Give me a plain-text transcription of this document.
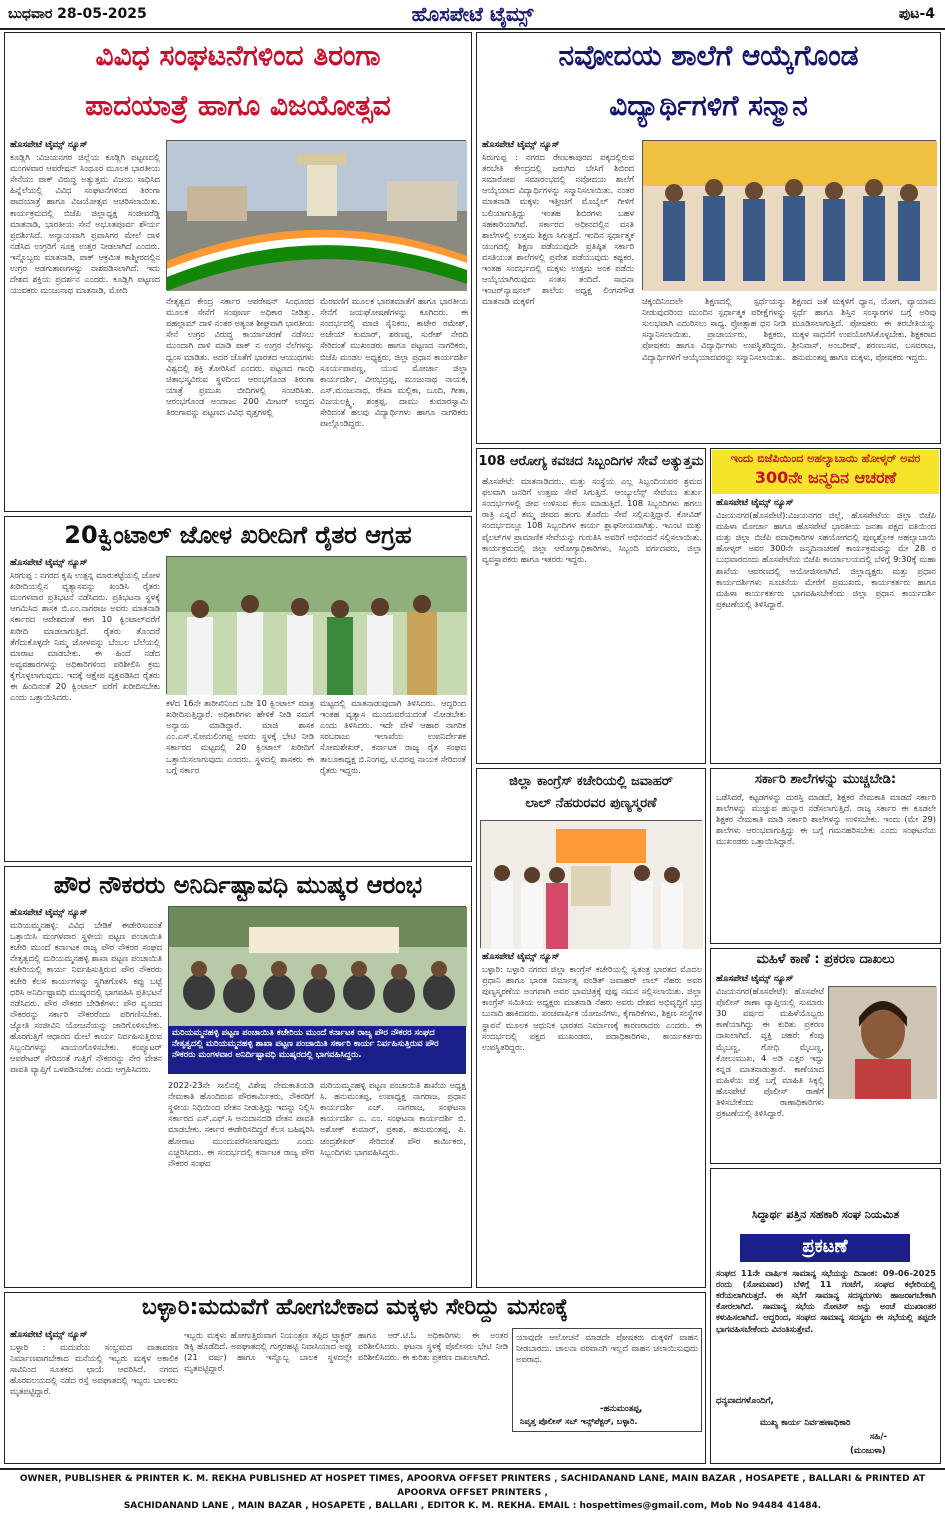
ಬುಧವಾರ 28-05-2025	ಹೊಸಪೇಟೆ ಟೈಮ್ಸ್	ಪುಟ-4
ವಿವಿಧ ಸಂಘಟನೆಗಳಿಂದ ತಿರಂಗಾ
ಪಾದಯಾತ್ರೆ ಹಾಗೂ ವಿಜಯೋತ್ಸವ
ಹೊಸಪೇಟೆ ಟೈಮ್ಸ್ ನ್ಯೂಸ್
ಕೂಡ್ಲಿಗಿ :ವಿಜಯನಗರ ಜಿಲ್ಲೆಯ ಕೂಡ್ಲಿಗಿ ಪಟ್ಟಣದಲ್ಲಿ ಮಂಗಳವಾರ ಆಪರೇಷನ್ ಸಿಂಧೂರ ಮೂಲಕ ಭಾರತೀಯ ಸೇನೆಯು ಪಾಕ್ ವಿರುದ್ಧ ಅತ್ಯುತ್ತಮ ವಿಜಯ ಸಾಧಿಸಿದ ಹಿನ್ನೆಲೆಯಲ್ಲಿ ವಿವಿಧ ಸಂಘಟನೆಗಳಿಂದ ತಿರಂಗಾ ಪಾದಯಾತ್ರೆ ಹಾಗೂ ವಿಜಯೋತ್ಸವ ಆಚರಿಸಲಾಯಿತು. ಕಾರ್ಯಕ್ರಮದಲ್ಲಿ ಬಿಜೆಪಿ ಜಿಲ್ಲಾಧ್ಯಕ್ಷ ಸಂಜೀವರೆಡ್ಡಿ ಮಾತನಾಡಿ, ಭಾರತೀಯ ಸೇನೆ ಅಭೂತಪೂರ್ವ ಶೌರ್ಯ ಪ್ರದರ್ಶಿಸಿದೆ. ಅನ್ಯಾಯವಾಗಿ ಪ್ರವಾಸಿಗರ ಮೇಲೆ ದಾಳಿ ನಡೆಸಿದ ಉಗ್ರರಿಗೆ ಸೂಕ್ತ ಉತ್ತರ ನೀಡಲಾಗಿದೆ ಎಂದರು. ಇನ್ನೊಬ್ಬರು ಮಾತನಾಡಿ, ಪಾಕ್ ಆಕ್ರಮಿತ ಕಾಶ್ಮೀರದಲ್ಲಿನ ಉಗ್ರರ ಅಡಗುತಾಣಗಳನ್ನು ನಾಶಪಡಿಸಲಾಗಿದೆ. ಇದು ದೇಶದ ಶಕ್ತಿಯ ಪ್ರದರ್ಶನ ಎಂದರು. ಕೂಡ್ಲಿಗಿ ಪಟ್ಟಣದ ಯುವಕರು ಮಂಜುನಾಥ ಮಾತನಾಡಿ, ಮೋದಿ
ನೇತೃತ್ವದ ಕೇಂದ್ರ ಸರ್ಕಾರ ಆಪರೇಷನ್ ಸಿಂಧೂರದ ಮೂಲಕ ಸೇನೆಗೆ ಸಂಪೂರ್ಣ ಅಧಿಕಾರ ನೀಡಿತ್ತು. ಪಹಲ್ಗಾಮ್ ದಾಳಿ ನಂತರ ಅತ್ಯಂತ ಶೀಘ್ರವಾಗಿ ಭಾರತೀಯ ಸೇನೆ ಉಗ್ರರ ವಿರುದ್ಧ ಕಾರ್ಯಾಚರಣೆ ನಡೆಸಲು ಮುಂದಾಗಿ ದಾಳಿ ಮಾಡಿ ಪಾಕ್‌ ನ ಉಗ್ರರ ನೆಲೆಗಳನ್ನು ಧ್ವಂಸ ಮಾಡಿತು. ಅದರ ಜೊತೆಗೆ ಭಾರತದ ಆಯುಧಗಳು ವಿಶ್ವದಲ್ಲಿ ಶಕ್ತಿ ತೋರಿಸಿವೆ ಎಂದರು. ಪಟ್ಟಣದ ಗಾಂಧಿ ಚಿತಾಭಸ್ಮವಿರುವ ಸ್ಥಳದಿಂದ ಆರಂಭಗೊಂಡ ತಿರಂಗಾ ಯಾತ್ರೆ ಪ್ರಮುಖ ಬೀದಿಗಳಲ್ಲಿ ಸಂಚರಿಸಿತು. ಆರಂಭಗೊಂಡ ಅಂದಾಜು 200 ಮೀಟರ್ ಉದ್ದದ ತಿರಂಗಾವನ್ನು ಪಟ್ಟಣದ ವಿವಿಧ ವೃತ್ತಗಳಲ್ಲಿ
ಮೆರವಣಿಗೆ ಮೂಲಕ ಭಾರತಮಾತೆಗೆ ಹಾಗೂ ಭಾರತೀಯ ಸೇನೆಗೆ ಜಯಘೋಷಣೆಗಳನ್ನು ಕೂಗಿದರು. ಈ ಸಂದರ್ಭದಲ್ಲಿ ಮಾಜಿ ಸೈನಿಕರು, ಕಾಟೇರ ರಮೇಶ್, ಅಜೇಯ್ ಕುಮಾರ್, ಶರಣಪ್ಪ, ಸುರೇಶ್ ನೇರದಿ ಸೇರಿದಂತೆ ಮುಖಂಡರು ಹಾಗೂ ಪಟ್ಟಣದ ನಾಗರಿಕರು, ಬಿಜೆಪಿ ಮಂಡಲ ಅಧ್ಯಕ್ಷರು, ಜಿಲ್ಲಾ ಪ್ರಧಾನ ಕಾರ್ಯದರ್ಶಿ ಸೂರ್ಯಪಾಪಣ್ಣ, ಯುವ ಮೋರ್ಚಾ ಜಿಲ್ಲಾ ಕಾರ್ಯದರ್ಶಿ, ವೀರಭದ್ರಪ್ಪ, ಮಂಜುನಾಥ ನಾಯಕ, ಎಸ್.ಮಂಜುನಾಥ, ರೇಖಾ ಮಲ್ಲಿಕಾ, ಬೂದಿ, ಗೀತಾ, ವಿಜಯಲಕ್ಷ್ಮಿ, ಶಂಕ್ರಪ್ಪ, ದಾಮು ಕುಮಾರಸ್ವಾಮಿ ಸೇರಿದಂತೆ ಹಲವು ವಿದ್ಯಾರ್ಥಿಗಳು ಹಾಗೂ ನಾಗರಿಕರು ಪಾಲ್ಗೊಂಡಿದ್ದರು.
ನವೋದಯ ಶಾಲೆಗೆ ಆಯ್ಕೆಗೊಂಡ
ವಿದ್ಯಾರ್ಥಿಗಳಿಗೆ ಸನ್ಮಾನ
ಹೊಸಪೇಟೆ ಟೈಮ್ಸ್ ನ್ಯೂಸ್
ಸಿರುಗುಪ್ಪ : ನಗರದ ರೇಣುಕಾಪುರದ ಪಕ್ಕದಲ್ಲಿರುವ ತರಬೇತಿ ಕೇಂದ್ರದಲ್ಲಿ ಜರುಗಿದ ಬೇಸಿಗೆ ಶಿಬಿರದ ಸಮಾರೋಪ ಸಮಾರಂಭದಲ್ಲಿ ನವೋದಯ ಶಾಲೆಗೆ ಆಯ್ಕೆಯಾದ ವಿದ್ಯಾರ್ಥಿಗಳನ್ನು ಸನ್ಮಾನಿಸಲಾಯಿತು. ನಂತರ ಮಾತನಾಡಿ ಮಕ್ಕಳು ಇತ್ತೀಚಿಗೆ ಮೊಬೈಲ್ ಗೀಳಿಗೆ ಬಲಿಯಾಗುತ್ತಿದ್ದು ಇಂತಹ ಶಿಬಿರಗಳು ಬಹಳ ಸಹಕಾರಿಯಾಗಿವೆ. ಸರ್ಕಾರದ ಅಧೀನದಲ್ಲಿನ ವಸತಿ ಶಾಲೆಗಳಲ್ಲಿ ಉತ್ತಮ ಶಿಕ್ಷಣ ಸಿಗುತ್ತದೆ. ಇಂದಿನ ಸ್ಪರ್ಧಾತ್ಮಕ ಯುಗದಲ್ಲಿ ಶಿಕ್ಷಣ ಪಡೆಯುವುದೇ ಪ್ರತಿಷ್ಠಿತ ಸರ್ಕಾರಿ ವಸತಿಯುತ ಶಾಲೆಗಳಲ್ಲಿ ಪ್ರವೇಶ ಪಡೆಯುವುದು ಕಷ್ಟಕರ. ಇಂತಹ ಸಂದರ್ಭದಲ್ಲಿ ಮಕ್ಕಳು ಉತ್ತಮ ಅಂಕ ಪಡೆದು ಆಯ್ಕೆಯಾಗಿರುವುದು ಸಂತಸ ತಂದಿದೆ. ಸಾಧನಾ ಇಂಟರ್‌ನ್ಯಾಷನಲ್ ಶಾಲೆಯ ಅಧ್ಯಕ್ಷ ಲಿಂಗನಗೌಡ ಮಾತನಾಡಿ ಮಕ್ಕಳಿಗೆ	ಚಿಕ್ಕಂದಿನಿಂದಲೇ ಶಿಕ್ಷಣದಲ್ಲಿ ಸ್ಪರ್ಧೆಯನ್ನು ನೀಡುವುದರಿಂದ ಮುಂದಿನ ಸ್ಪರ್ಧಾತ್ಮಕ ಪರೀಕ್ಷೆಗಳನ್ನು ಸುಲಭವಾಗಿ ಎದುರಿಸಲು ಸಾಧ್ಯ. ಪ್ರೋತ್ಸಾಹ ಧನ ನೀಡಿ ಸನ್ಮಾನಿಸಲಾಯಿತು. ಪ್ರಾಚಾರ್ಯರು, ಶಿಕ್ಷಕರು, ಪೋಷಕರು ಹಾಗೂ ವಿದ್ಯಾರ್ಥಿಗಳು ಉಪಸ್ಥಿತರಿದ್ದರು. ವಿದ್ಯಾರ್ಥಿಗಳಿಗೆ ಆಯ್ಕೆಯಾದವರನ್ನು ಸನ್ಮಾನಿಸಲಾಯಿತು.
ಶಿಕ್ಷಣದ ಜತೆ ಮಕ್ಕಳಿಗೆ ಧ್ಯಾನ, ಯೋಗ, ವ್ಯಾಯಾಮ ಸ್ಪರ್ಧೆ ಹಾಗೂ ಶಿಸ್ತಿನ ಸಂಸ್ಕಾರಗಳ ಬಗ್ಗೆ ಅರಿವು ಮೂಡಿಸಲಾಗುತ್ತಿದೆ. ಪೋಷಕರು ಈ ತರಬೇತಿಯನ್ನು ಮಕ್ಕಳ ಸಾಧನೆಗೆ ಉಪಯೋಗಿಸಿಕೊಳ್ಳಬೇಕು. ಶಿಕ್ಷಕರಾದ ಶ್ರೀನಿವಾಸ್, ಅಂಬರೀಷ್, ಶರಣಬಸವ, ಬಸವರಾಜ, ಹನುಮಂತಪ್ಪ ಹಾಗೂ ಮಕ್ಕಳು, ಪೋಷಕರು ಇದ್ದರು.
108 ಆರೋಗ್ಯ ಕವಚದ ಸಿಬ್ಬಂದಿಗಳ ಸೇವೆ ಅತ್ಯುತ್ತಮ
ಹೊಸಪೇಟೆ: ಮಾತನಾಡಿದರು. ಮತ್ತು ಸಂಸ್ಥೆಯ ಎಲ್ಲ ಸಿಬ್ಬಂದಿಯವರ ಶ್ರಮದ ಫಲವಾಗಿ ಜನರಿಗೆ ಉತ್ತಮ ಸೇವೆ ಸಿಗುತ್ತಿದೆ. ಆಂಬ್ಯುಲೆನ್ಸ್ ಸೇವೆಯು ತುರ್ತು ಸಂದರ್ಭಗಳಲ್ಲಿ ಜೀವ ಉಳಿಸುವ ಕೆಲಸ ಮಾಡುತ್ತಿದೆ. 108 ಸಿಬ್ಬಂದಿಗಳು ಹಗಲು ರಾತ್ರಿ ಎನ್ನದೆ ತಮ್ಮ ಜೀವದ ಹಂಗು ತೊರೆದು ಸೇವೆ ಸಲ್ಲಿಸುತ್ತಿದ್ದಾರೆ. ಕೋವಿಡ್ ಸಂದರ್ಭದಲ್ಲೂ 108 ಸಿಬ್ಬಂದಿಗಳ ಕಾರ್ಯ ಶ್ಲಾಘನೀಯವಾಗಿತ್ತು. ಇಎಂಟಿ ಮತ್ತು ಪೈಲಟ್‌ಗಳ ಪ್ರಾಮಾಣಿಕ ಸೇವೆಯನ್ನು ಗುರುತಿಸಿ ಅವರಿಗೆ ಅಭಿನಂದನೆ ಸಲ್ಲಿಸಲಾಯಿತು. ಕಾರ್ಯಕ್ರಮದಲ್ಲಿ ಜಿಲ್ಲಾ ಆರೋಗ್ಯಾಧಿಕಾರಿಗಳು, ಸಿಬ್ಬಂದಿ ವರ್ಗದವರು, ಜಿಲ್ಲಾ ವ್ಯವಸ್ಥಾಪಕರು ಹಾಗೂ ಇತರರು ಇದ್ದರು.
20ಕ್ವಿಂಟಾಲ್ ಜೋಳ ಖರೀದಿಗೆ ರೈತರ ಆಗ್ರಹ
ಹೊಸಪೇಟೆ ಟೈಮ್ಸ್ ನ್ಯೂಸ್
ಸಿರಗುಪ್ಪ : ನಗರದ ಕೃಷಿ ಉತ್ಪನ್ನ ಮಾರುಕಟ್ಟೆಯಲ್ಲಿ ಜೋಳ ಖರೀದಿಯಲ್ಲಿನ ವ್ಯತ್ಯಾಸವನ್ನು ಖಂಡಿಸಿ ರೈತರು ಮಂಗಳವಾರ ಪ್ರತಿಭಟನೆ ನಡೆಸಿದರು. ಪ್ರತಿಭಟನಾ ಸ್ಥಳಕ್ಕೆ ಆಗಮಿಸಿದ ಶಾಸಕ ಬಿ.ಎಂ.ನಾಗರಾಜ ಅವರು ಮಾತನಾಡಿ ಸರ್ಕಾರದ ಆದೇಶದಂತೆ ಈಗ 10 ಕ್ವಿಂಟಾಲ್‌ವರೆಗೆ ಖರೀದಿ ಮಾಡಲಾಗುತ್ತಿದೆ. ರೈತರು ತೊಂದರೆ ತೆಗೆದುಕೊಳ್ಳದೇ ನಿಮ್ಮ ಜೋಳವನ್ನು ಬೆಂಬಲ ಬೆಲೆಯಲ್ಲಿ ಮಾರಾಟ ಮಾಡಬೇಕು. ಈ ಹಿಂದೆ ನಡೆದ ಅವ್ಯವಹಾರಗಳನ್ನು ಅಧಿಕಾರಿಗಳಿಂದ ಪರಿಶೀಲಿಸಿ ಕ್ರಮ ಕೈಗೊಳ್ಳಲಾಗುವುದು. ಇದಕ್ಕೆ ಆಕ್ಷೇಪ ವ್ಯಕ್ತಪಡಿಸಿದ ರೈತರು ಈ ಹಿಂದಿನಂತೆ 20 ಕ್ವಿಂಟಾಲ್ ವರೆಗೆ ಖರೀದಿಸಬೇಕು ಎಂದು ಒತ್ತಾಯಿಸಿದರು.
ಕಳೆದ 16ನೇ ತಾರೀಖಿನಿಂದ ಬರೀ 10 ಕ್ವಿಂಟಾಲ್ ಮಾತ್ರ ಖರೀದಿಸುತ್ತಿದ್ದಾರೆ. ಅಧಿಕಾರಿಗಳು ಹೇಳಿಕೆ ನೀಡಿ ನಮಗೆ ಅನ್ಯಾಯ ಮಾಡಿದ್ದಾರೆ. ಮಾಜಿ ಶಾಸಕ ಎಂ.ಎಸ್.ಸೋಮಲಿಂಗಪ್ಪ ಅವರು ಸ್ಥಳಕ್ಕೆ ಭೇಟಿ ನೀಡಿ ಸರ್ಕಾರದ ಮಟ್ಟದಲ್ಲಿ 20 ಕ್ವಿಂಟಾಲ್ ಖರೀದಿಗೆ ಒತ್ತಾಯಿಸಲಾಗುವುದು ಎಂದರು. ಸ್ಥಳದಲ್ಲಿ ಶಾಸಕರು ಈ ಬಗ್ಗೆ ಸರ್ಕಾರ
ಮಟ್ಟದಲ್ಲಿ ಮಾತನಾಡುವುದಾಗಿ ತಿಳಿಸಿದರು. ಆದ್ದರಿಂದ ಇಂತಹ ವ್ಯತ್ಯಾಸ ಮುಂದುವರೆಯದಂತೆ ನೋಡಬೇಕು ಎಂದು ತಿಳಿಸಿದರು. ಇದೇ ವೇಳೆ ಆಹಾರ ನಾಗರಿಕ ಸರಬರಾಜು ಇಲಾಖೆಯ ಉಪನಿರ್ದೇಶಕ ಸೋಮಶೇಖರ್, ಕರ್ನಾಟಕ ರಾಜ್ಯ ರೈತ ಸಂಘದ ತಾಲೂಕಾಧ್ಯಕ್ಷ ಬಿ.ನಿಂಗಪ್ಪ, ಟಿ.ಧರಪ್ಪ ನಾಯಕ ಸೇರಿದಂತೆ ರೈತರು ಇದ್ದರು.
ಜಿಲ್ಲಾ ಕಾಂಗ್ರೆಸ್ ಕಚೇರಿಯಲ್ಲಿ ಜವಾಹರ್
ಲಾಲ್ ನೆಹರುರವರ ಪುಣ್ಯಸ್ಮರಣೆ
ಹೊಸಪೇಟೆ ಟೈಮ್ಸ್ ನ್ಯೂಸ್
ಬಳ್ಳಾರಿ: ಬಳ್ಳಾರಿ ನಗರದ ಜಿಲ್ಲಾ ಕಾಂಗ್ರೆಸ್ ಕಚೇರಿಯಲ್ಲಿ ಸ್ವತಂತ್ರ ಭಾರತದ ಮೊದಲ ಪ್ರಧಾನಿ ಹಾಗೂ ಭಾರತ ನಿರ್ಮಾತೃ ಪಂಡಿತ್ ಜವಾಹರ್ ಲಾಲ್ ನೆಹರು ಅವರ ಪುಣ್ಯಸ್ಮರಣೆಯ ಅಂಗವಾಗಿ ಅವರ ಭಾವಚಿತ್ರಕ್ಕೆ ಪುಷ್ಪ ನಮನ ಸಲ್ಲಿಸಲಾಯಿತು. ಜಿಲ್ಲಾ ಕಾಂಗ್ರೆಸ್ ಸಮಿತಿಯ ಅಧ್ಯಕ್ಷರು ಮಾತನಾಡಿ ನೆಹರು ಅವರು ದೇಶದ ಅಭಿವೃದ್ಧಿಗೆ ಭದ್ರ ಬುನಾದಿ ಹಾಕಿದವರು. ಪಂಚವಾರ್ಷಿಕ ಯೋಜನೆಗಳು, ಕೈಗಾರಿಕೆಗಳು, ಶಿಕ್ಷಣ ಸಂಸ್ಥೆಗಳ ಸ್ಥಾಪನೆ ಮೂಲಕ ಆಧುನಿಕ ಭಾರತದ ನಿರ್ಮಾಣಕ್ಕೆ ಕಾರಣರಾದರು ಎಂದರು. ಈ ಸಂದರ್ಭದಲ್ಲಿ ಪಕ್ಷದ ಮುಖಂಡರು, ಪದಾಧಿಕಾರಿಗಳು, ಕಾರ್ಯಕರ್ತರು ಉಪಸ್ಥಿತರಿದ್ದರು.
ಪೌರ ನೌಕರರು ಅನಿರ್ದಿಷ್ಟಾವಧಿ ಮುಷ್ಕರ ಆರಂಭ
ಹೊಸಪೇಟೆ ಟೈಮ್ಸ್ ನ್ಯೂಸ್
ಮರಿಯಮ್ಮನಹಳ್ಳಿ: ವಿವಿಧ ಬೇಡಿಕೆ ಈಡೇರಿಸುವಂತೆ ಒತ್ತಾಯಿಸಿ ಮಂಗಳವಾರ ಸ್ಥಳೀಯ ಪಟ್ಟಣ ಪಂಚಾಯಿತಿ ಕಚೇರಿ ಮುಂದೆ ಕರ್ನಾಟಕ ರಾಜ್ಯ ಪೌರ ನೌಕರರ ಸಂಘದ ನೇತೃತ್ವದಲ್ಲಿ ಮರಿಯಮ್ಮನಹಳ್ಳಿ ಶಾಖಾ ಪಟ್ಟಣ ಪಂಚಾಯಿತಿ ಕಚೇರಿಯಲ್ಲಿ ಕಾರ್ಯ ನಿರ್ವಹಿಸುತ್ತಿರುವ ಪೌರ ನೌಕರರು ಕಚೇರಿ ಕೆಲಸ ಕಾರ್ಯಗಳನ್ನು ಸ್ಥಗಿತಗೊಳಿಸಿ ಕಪ್ಪು ಬಟ್ಟೆ ಧರಿಸಿ ಅನಿರ್ದಿಷ್ಟಾವಧಿ ಮುಷ್ಕರದಲ್ಲಿ ಭಾಗವಹಿಸಿ ಪ್ರತಿಭಟನೆ ನಡೆಸಿದರು. ಪೌರ ನೌಕರರ ಬೇಡಿಕೆಗಳು: ಪೌರ ವೃಂದದ ನೌಕರರನ್ನು ಸರ್ಕಾರಿ ನೌಕರರೆಂದು ಪರಿಗಣಿಸಬೇಕು. ಜ್ಯೋತಿ ಸಂಜೀವಿನಿ ಯೋಜನೆಯನ್ನು ಜಾರಿಗೊಳಿಸಬೇಕು. ಹೊರಗುತ್ತಿಗೆ ಆಧಾರದ ಮೇಲೆ ಕಾರ್ಯ ನಿರ್ವಹಿಸುತ್ತಿರುವ ಸಿಬ್ಬಂದಿಗಳನ್ನು ಖಾಯಂಗೊಳಿಸಬೇಕು. ಕಂಪ್ಯೂಟರ್ ಆಪರೇಟರ್ ಸೇರಿದಂತೆ ಗುತ್ತಿಗೆ ನೌಕರರನ್ನು ನೇರ ವೇತನ ಪಾವತಿ ವ್ಯಾಪ್ತಿಗೆ ಒಳಪಡಿಸಬೇಕು ಎಂದು ಆಗ್ರಹಿಸಿದರು.
ಮರಿಯಮ್ಮನಹಳ್ಳಿ ಪಟ್ಟಣ ಪಂಚಾಯಿತಿ ಕಚೇರಿಯ ಮುಂದೆ ಕರ್ನಾಟಕ ರಾಜ್ಯ ಪೌರ ನೌಕರರ ಸಂಘದ ನೇತೃತ್ವದಲ್ಲಿ ಮರಿಯಮ್ಮನಹಳ್ಳಿ ಶಾಖಾ ಪಟ್ಟಣ ಪಂಚಾಯಿತಿ ಸರ್ಕಾರಿ ಕಾರ್ಯ ನಿರ್ವಹಿಸುತ್ತಿರುವ ಪೌರ ನೌಕರರು ಮಂಗಳವಾರ ಅನಿರ್ದಿಷ್ಟಾವಧಿ ಮುಷ್ಕರದಲ್ಲಿ ಭಾಗವಹಿಸಿದ್ದರು.
2022-23ನೇ ಸಾಲಿನಲ್ಲಿ ವಿಶೇಷ ನೇಮಕಾತಿಯಡಿ ನೇಮಕಾತಿ ಹೊಂದಿರುವ ಪೌರಕಾರ್ಮಿಕರು, ನೌಕರರಿಗೆ ಸ್ಥಳೀಯ ನಿಧಿಯಿಂದ ವೇತನ ನೀಡುತ್ತಿದ್ದು ಇದನ್ನು ನಿಲ್ಲಿಸಿ ಸರ್ಕಾರದ ಎಸ್.ಎಫ್.ಸಿ ಅನುದಾನದಡಿ ವೇತನ ಪಾವತಿ ಮಾಡಬೇಕು. ಸರ್ಕಾರ ಈಡೇರಿಸದಿದ್ದರೆ ಕೆಲಸ ಬಹಿಷ್ಕರಿಸಿ ಹೋರಾಟ ಮುಂದುವರೆಸಲಾಗುವುದು ಎಂದು ಎಚ್ಚರಿಸಿದರು. ಈ ಸಂದರ್ಭದಲ್ಲಿ ಕರ್ನಾಟಕ ರಾಜ್ಯ ಪೌರ ನೌಕರರ ಸಂಘದ
ಮರಿಯಮ್ಮನಹಳ್ಳಿ ಪಟ್ಟಣ ಪಂಚಾಯಿತಿ ಶಾಖೆಯ ಅಧ್ಯಕ್ಷ ಸಿ. ಹನುಮಂತಪ್ಪ, ಉಪಾಧ್ಯಕ್ಷ ನಾಗರಾಜ, ಪ್ರಧಾನ ಕಾರ್ಯದರ್ಶಿ ಎಚ್. ನಾಗರಾಜ, ಸಂಘಟನಾ ಕಾರ್ಯದರ್ಶಿ ಎ. ಎಂ. ಸಂಘಟನಾ ಕಾರ್ಯದರ್ಶಿ ಬಿ. ಅಶೋಕ್ ಕುಮಾರ್, ಪ್ರಕಾಶ, ಹನುಮಂತಪ್ಪ, ಪಿ. ಚಂದ್ರಶೇಖರ್ ಸೇರಿದಂತೆ ಪೌರ ಕಾರ್ಮಿಕರು, ಸಿಬ್ಬಂದಿಗಳು ಭಾಗವಹಿಸಿದ್ದರು.
ಇಂದು ಬಿಜೆಪಿಯಿಂದ ಅಹಲ್ಯಾಬಾಯಿ ಹೋಳ್ಕರ್ ಅವರ
300ನೇ ಜನ್ಮದಿನ ಆಚರಣೆ
ಹೊಸಪೇಟೆ ಟೈಮ್ಸ್ ನ್ಯೂಸ್
ವಿಜಯನಗರ(ಹೊಸಪೇಟೆ):ವಿಜಯನಗರ ಜಿಲ್ಲೆ, ಹೊಸಪೇಟೆಯ ಜಿಲ್ಲಾ ಬಿಜೆಪಿ ಮಹಿಳಾ ಮೋರ್ಚಾ ಹಾಗೂ ಹೊಸಪೇಟೆ ಭಾರತೀಯ ಜನತಾ ಪಕ್ಷದ ವತಿಯಿಂದ ಮತ್ತು ಜಿಲ್ಲಾ ಬಿಜೆಪಿ ಪದಾಧಿಕಾರಿಗಳ ಸಹಯೋಗದಲ್ಲಿ ಪುಣ್ಯಶ್ಲೋಕ ಅಹಲ್ಯಾಬಾಯಿ ಹೋಳ್ಕರ್ ಅವರ 300ನೇ ಜನ್ಮದಿನಾಚರಣೆ ಕಾರ್ಯಕ್ರಮವನ್ನು ಮೇ 28 ರ ಬುಧವಾರದಂದು ಹೊಸಪೇಟೆಯ ಬಿಜೆಪಿ ಕಾರ್ಯಾಲಯದಲ್ಲಿ ಬೆಳಿಗ್ಗೆ 9:30ಕ್ಕೆ ಮಹಾ ಶಾಖೆಯ ಆವರಣದಲ್ಲಿ ಆಯೋಜಿಸಲಾಗಿದೆ. ಜಿಲ್ಲಾದ್ಯಕ್ಷರು ಮತ್ತು ಪ್ರಧಾನ ಕಾರ್ಯದರ್ಶಿಗಳು ಸೂಚನೆಯ ಮೇರೆಗೆ ಪ್ರಮುಖರು, ಕಾರ್ಯಕರ್ತರು ಹಾಗೂ ಮಹಿಳಾ ಕಾರ್ಯಕರ್ತರು ಭಾಗವಹಿಸಬೇಕೆಂದು ಜಿಲ್ಲಾ ಪ್ರಧಾನ ಕಾರ್ಯದರ್ಶಿ ಪ್ರಕಟಣೆಯಲ್ಲಿ ತಿಳಿಸಿದ್ದಾರೆ.
ಸರ್ಕಾರಿ ಶಾಲೆಗಳನ್ನು ಮುಚ್ಚಬೇಡಿ:
ಒಡೆಸಿದರೆ, ಕಟ್ಟಡಗಳನ್ನು ದುರಸ್ತಿ ಮಾಡದೆ, ಶಿಕ್ಷಕರ ನೇಮಕಾತಿ ಮಾಡದೆ ಸರ್ಕಾರಿ ಶಾಲೆಗಳನ್ನು ಮುಚ್ಚುವ ಹುನ್ನಾರ ನಡೆಸಲಾಗುತ್ತಿದೆ. ರಾಜ್ಯ ಸರ್ಕಾರ ಈ ಕೂಡಲೇ ಶಿಕ್ಷಕರ ನೇಮಕಾತಿ ಮಾಡಿ ಸರ್ಕಾರಿ ಶಾಲೆಗಳನ್ನು ಉಳಿಸಬೇಕು. ಇಂದು (ಮೇ 29) ಶಾಲೆಗಳು ಆರಂಭವಾಗುತ್ತಿದ್ದು ಈ ಬಗ್ಗೆ ಗಮನಹರಿಸಬೇಕು ಎಂದು ಸಂಘಟನೆಯ ಮುಖಂಡರು ಒತ್ತಾಯಿಸಿದ್ದಾರೆ.
ಮಹಿಳೆ ಕಾಣೆ : ಪ್ರಕರಣ ದಾಖಲು
ಹೊಸಪೇಟೆ ಟೈಮ್ಸ್ ನ್ಯೂಸ್
ವಿಜಯನಗರ(ಹೊಸಪೇಟೆ): ಹೊಸಪೇಟೆ ಪೊಲೀಸ್ ಠಾಣಾ ವ್ಯಾಪ್ತಿಯಲ್ಲಿ ಸುಮಾರು 30 ವರ್ಷದ ಮಹಿಳೆಯೊಬ್ಬರು ಕಾಣೆಯಾಗಿದ್ದು ಈ ಕುರಿತು ಪ್ರಕರಣ ದಾಖಲಾಗಿದೆ. ವ್ಯಕ್ತಿ ಚಹರೆ: ಕೆಂಪು ಮೈಬಣ್ಣ, ಗೋಧಿ ಮೈಬಣ್ಣ, ಕೋಲುಮುಖ, 4 ಅಡಿ ಎತ್ತರ ಇದ್ದು ಕನ್ನಡ ಮಾತನಾಡುತ್ತಾರೆ. ಕಾಣೆಯಾದ ಮಹಿಳೆಯ ಪತ್ತೆ ಬಗ್ಗೆ ಮಾಹಿತಿ ಸಿಕ್ಕಲ್ಲಿ ಹೊಸಪೇಟೆ ಪೊಲೀಸ್ ಠಾಣೆಗೆ ತಿಳಿಸಬೇಕೆಂದು ಠಾಣಾಧಿಕಾರಿಗಳು ಪ್ರಕಟಣೆಯಲ್ಲಿ ತಿಳಿಸಿದ್ದಾರೆ.
ಸಿದ್ಧಾರ್ಥ ಪತ್ತಿನ ಸಹಕಾರಿ ಸಂಘ ನಿಯಮಿತ
ಪ್ರಕಟಣೆ
ಸಂಘದ 11ನೇ ವಾರ್ಷಿಕ ಸಾಮಾನ್ಯ ಸಭೆಯನ್ನು ದಿನಾಂಕ: 09-06-2025 ರಂದು (ಸೋಮವಾರ) ಬೆಳಿಗ್ಗೆ 11 ಗಂಟೆಗೆ, ಸಂಘದ ಕಛೇರಿಯಲ್ಲಿ ಕರೆಯಲಾಗಿರುತ್ತದೆ. ಈ ಸಭೆಗೆ ಸಾಮಾನ್ಯ ಸದಸ್ಯರುಗಳು ಹಾಜರಾಗಬೇಕಾಗಿ ಕೋರಲಾಗಿದೆ. ಸಾಮಾನ್ಯ ಸಭೆಯ ನೋಟಿಸ್ ಅನ್ನು ಅಂಚೆ ಮುಖಾಂತರ ಕಳುಹಿಸಲಾಗಿದೆ. ಆದ್ದರಿಂದ, ಸಂಘದ ಸಾಮಾನ್ಯ ಸದಸ್ಯರು ಈ ಸಭೆಯಲ್ಲಿ ತಪ್ಪದೇ ಭಾಗವಹಿಸಬೇಕೆಂದು ವಿನಂತಿಸುತ್ತೇವೆ.
ಧನ್ಯವಾದಗಳೊಂದಿಗೆ,
ಮುಖ್ಯ ಕಾರ್ಯ ನಿರ್ವಹಣಾಧಿಕಾರಿ
ಸಹಿ/-
(ಮಂಜುಳಾ)
ಬಳ್ಳಾರಿ:ಮದುವೆಗೆ ಹೋಗಬೇಕಾದ ಮಕ್ಕಳು ಸೇರಿದ್ದು ಮಸಣಕ್ಕೆ
ಹೊಸಪೇಟೆ ಟೈಮ್ಸ್ ನ್ಯೂಸ್
ಬಳ್ಳಾರಿ : ಮದುವೆಯ ಸಂಭ್ರಮದ ವಾತಾವರಣ ನಿರ್ಮಾಣವಾಗಬೇಕಾದ ಮನೆಯಲ್ಲಿ ಇಬ್ಬರು ಮಕ್ಕಳ ಅಕಾಲಿಕ ಸಾವಿನಿಂದ ಸೂತಕದ ಛಾಯೆ ಆವರಿಸಿದೆ. ನಗರದ ಹೊರವಲಯದಲ್ಲಿ ನಡೆದ ರಸ್ತೆ ಅಪಘಾತದಲ್ಲಿ ಇಬ್ಬರು ಬಾಲಕರು ಮೃತಪಟ್ಟಿದ್ದಾರೆ.
ಇಬ್ಬರು ಮಕ್ಕಳು ಹೋಗುತ್ತಿರುವಾಗ ನಿಯಂತ್ರಣ ತಪ್ಪಿದ ಟ್ರ್ಯಾಕ್ಟರ್ ಡಿಕ್ಕಿ ಹೊಡೆದಿದೆ. ಅಪಘಾತದಲ್ಲಿ ಗುಗ್ಗರಹಟ್ಟಿ ನಿವಾಸಿಯಾದ ಅಪ್ಪು (21 ವರ್ಷ) ಹಾಗೂ ಇನ್ನೊಬ್ಬ ಬಾಲಕ ಸ್ಥಳದಲ್ಲೇ ಮೃತಪಟ್ಟಿದ್ದಾರೆ.
ಹಾಗೂ ಆರ್‌.ಟಿ.ಓ ಅಧಿಕಾರಿಗಳು ಈ ಅಂತರ ಪರಿಶೀಲಿಸಿದರು. ಘಟನಾ ಸ್ಥಳಕ್ಕೆ ಪೊಲೀಸರು ಭೇಟಿ ನೀಡಿ ಪರಿಶೀಲಿಸಿದರು. ಈ ಕುರಿತು ಪ್ರಕರಣ ದಾಖಲಾಗಿದೆ.
ಯಾವುದೇ ಆಲೋಚನೆ ಮಾಡದೇ ಪೋಷಕರು ಮಕ್ಕಳಿಗೆ ವಾಹನ ನೀಡಬಾರದು. ಚಾಲನಾ ಪರವಾನಗಿ ಇಲ್ಲದೆ ವಾಹನ ಚಲಾಯಿಸುವುದು ಅಪರಾಧ.
-ಹನುಮಂತಪ್ಪ,
ನಿವೃತ್ತ ಪೊಲೀಸ್ ಸಬ್ ಇನ್ಸ್‌ಪೆಕ್ಟರ್, ಬಳ್ಳಾರಿ.
OWNER, PUBLISHER & PRINTER K. M. REKHA PUBLISHED AT HOSPET TIMES, APOORVA OFFSET PRINTERS , SACHIDANAND LANE, MAIN BAZAR , HOSAPETE , BALLARI & PRINTED AT APOORVA OFFSET PRINTERS ,
SACHIDANAND LANE , MAIN BAZAR , HOSAPETE , BALLARI , EDITOR K. M. REKHA. EMAIL : hospettimes@gmail.com, Mob No 94484 41484.
